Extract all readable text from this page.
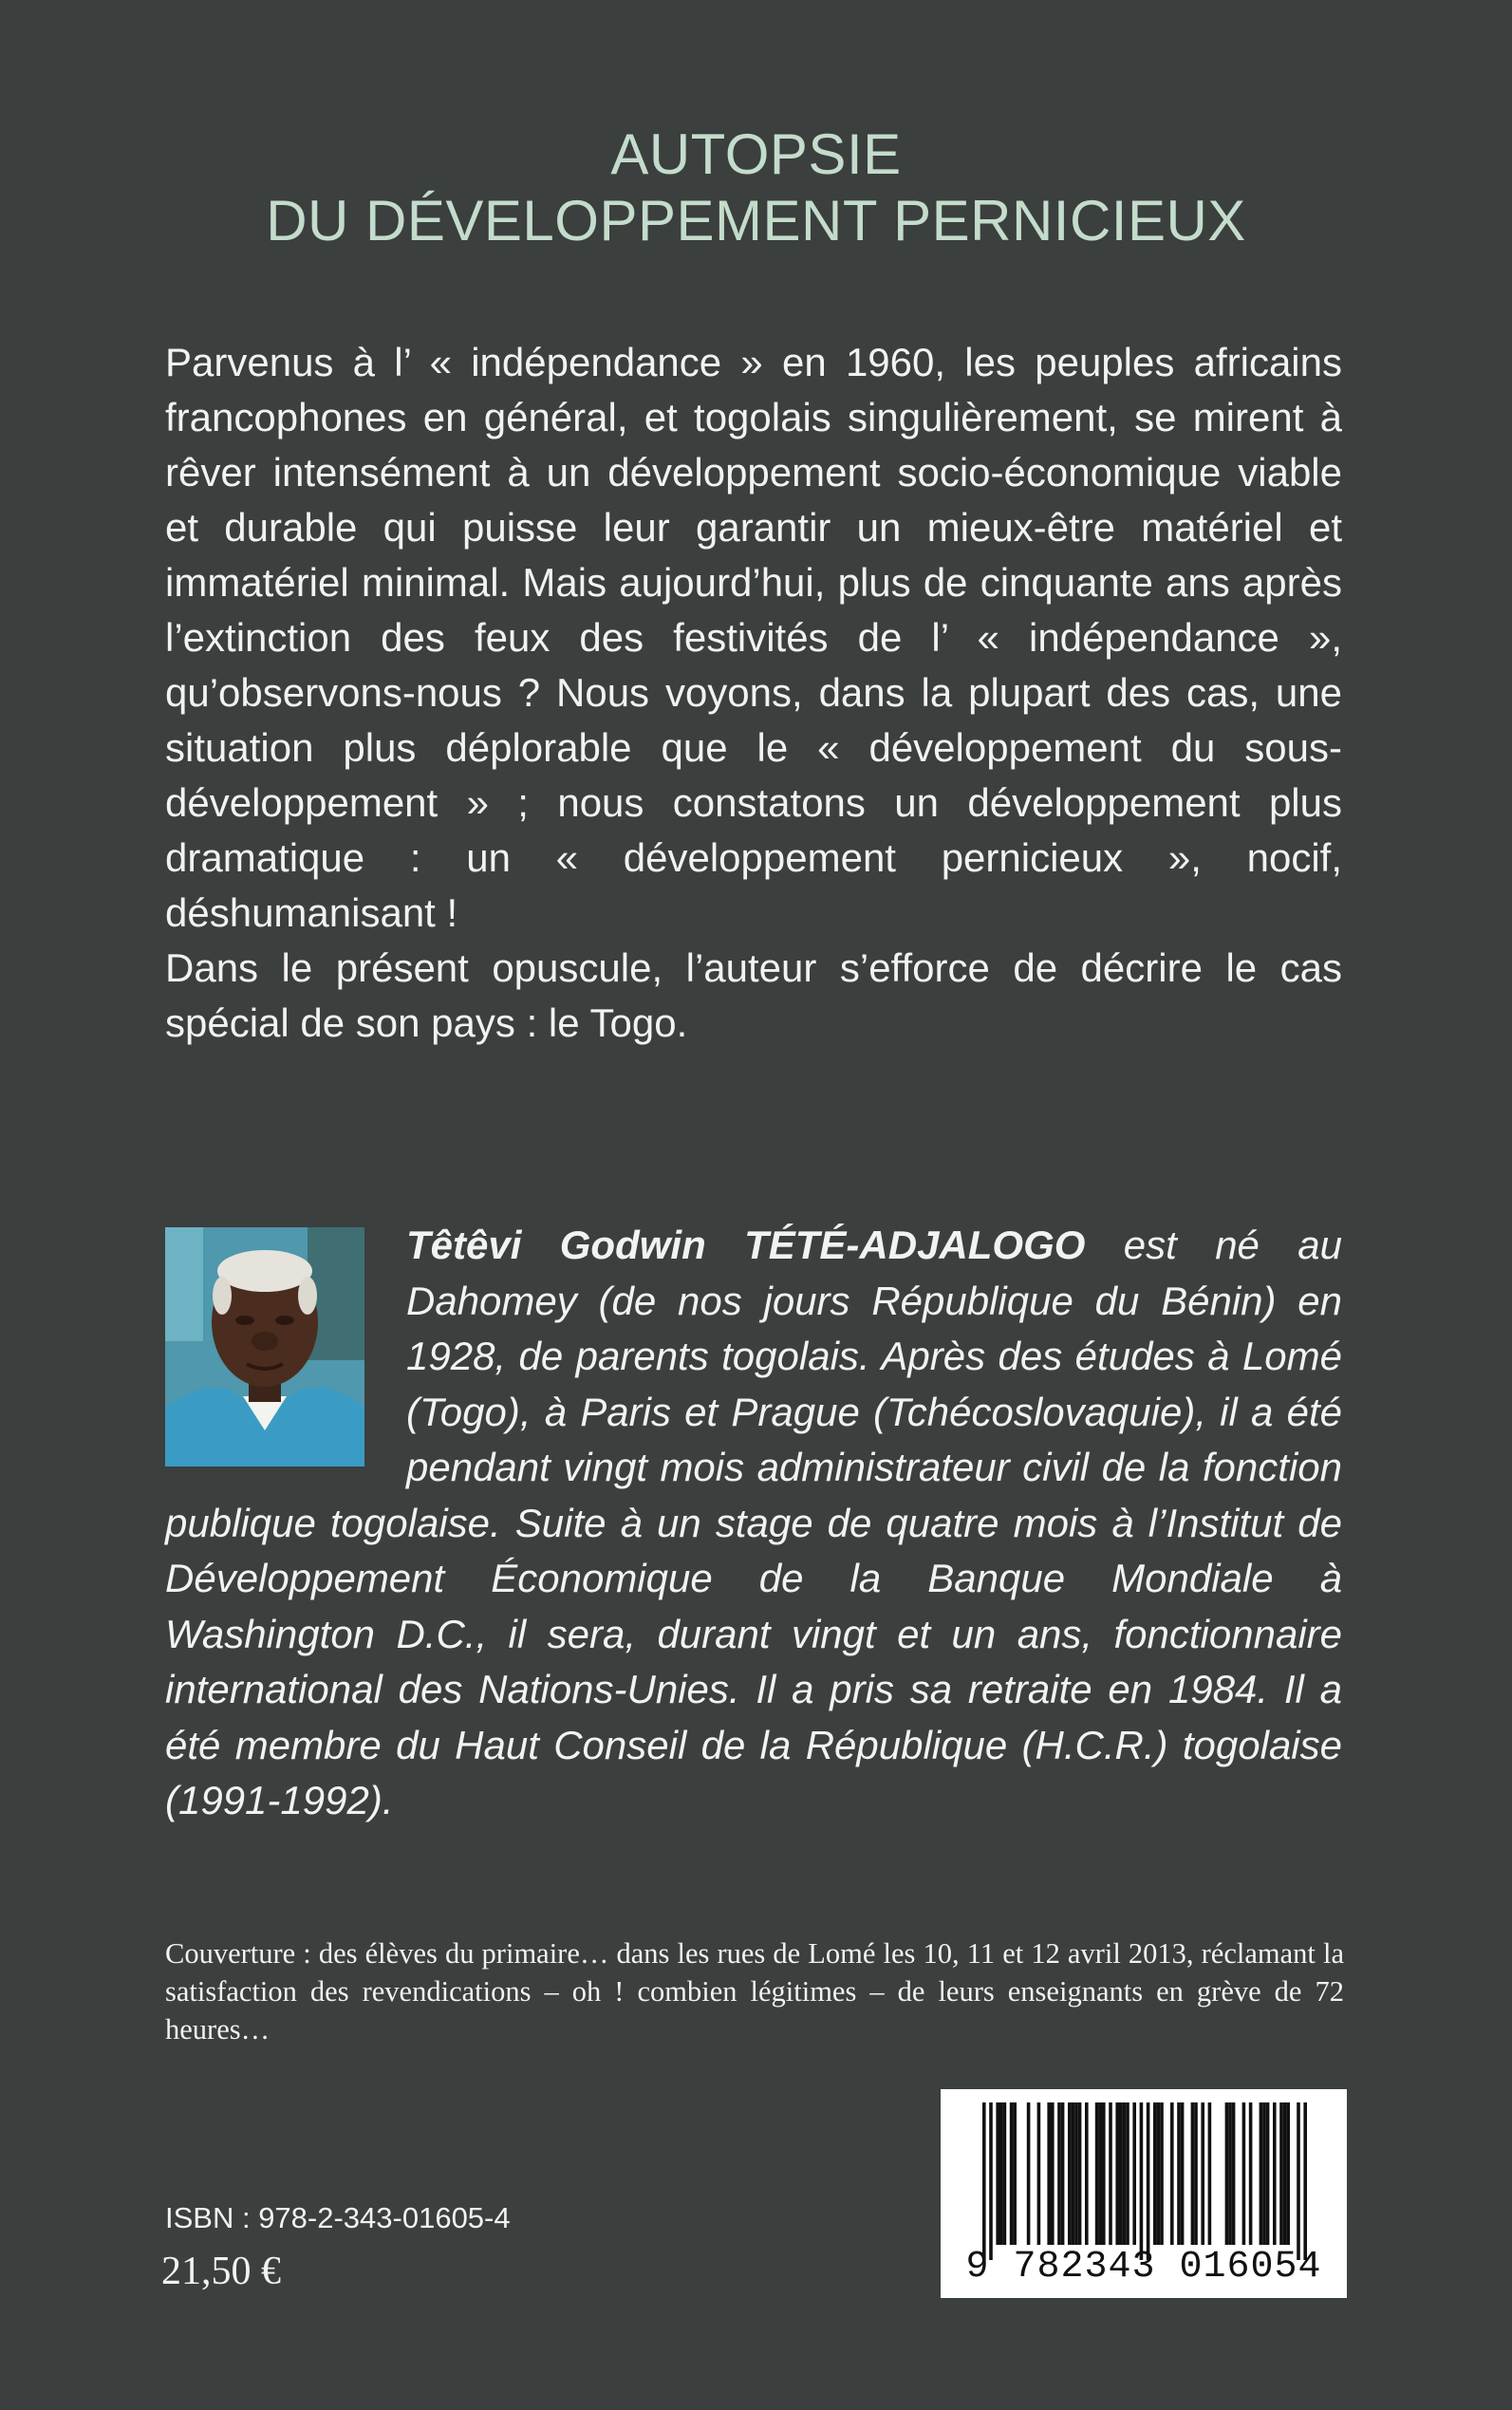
AUTOPSIE
DU DÉVELOPPEMENT PERNICIEUX

Parvenus à l’ « indépendance » en 1960, les peuples africains francophones en général, et togolais singulièrement, se mirent à rêver intensément à un développement socio-économique viable et durable qui puisse leur garantir un mieux-être matériel et immatériel minimal. Mais aujourd’hui, plus de cinquante ans après l’extinction des feux des festivités de l’ « indépendance », qu’observons-nous ? Nous voyons, dans la plupart des cas, une situation plus déplorable que le « développement du sous-développement » ; nous constatons un développement plus dramatique : un « développement pernicieux », nocif, déshumanisant !

Dans le présent opuscule, l’auteur s’efforce de décrire le cas spécial de son pays : le Togo.

Têtêvi Godwin TÉTÉ-ADJALOGO est né au Dahomey (de nos jours République du Bénin) en 1928, de parents togolais. Après des études à Lomé (Togo), à Paris et Prague (Tchécoslovaquie), il a été pendant vingt mois administrateur civil de la fonction publique togolaise. Suite à un stage de quatre mois à l’Institut de Développement Économique de la Banque Mondiale à Washington D.C., il sera, durant vingt et un ans, fonctionnaire international des Nations-Unies. Il a pris sa retraite en 1984. Il a été membre du Haut Conseil de la République (H.C.R.) togolaise (1991-1992).

Couverture : des élèves du primaire… dans les rues de Lomé les 10, 11 et 12 avril 2013, réclamant la satisfaction des revendications – oh ! combien légitimes – de leurs enseignants en grève de 72 heures…

ISBN : 978-2-343-01605-4

21,50 €	9 782343 016054
